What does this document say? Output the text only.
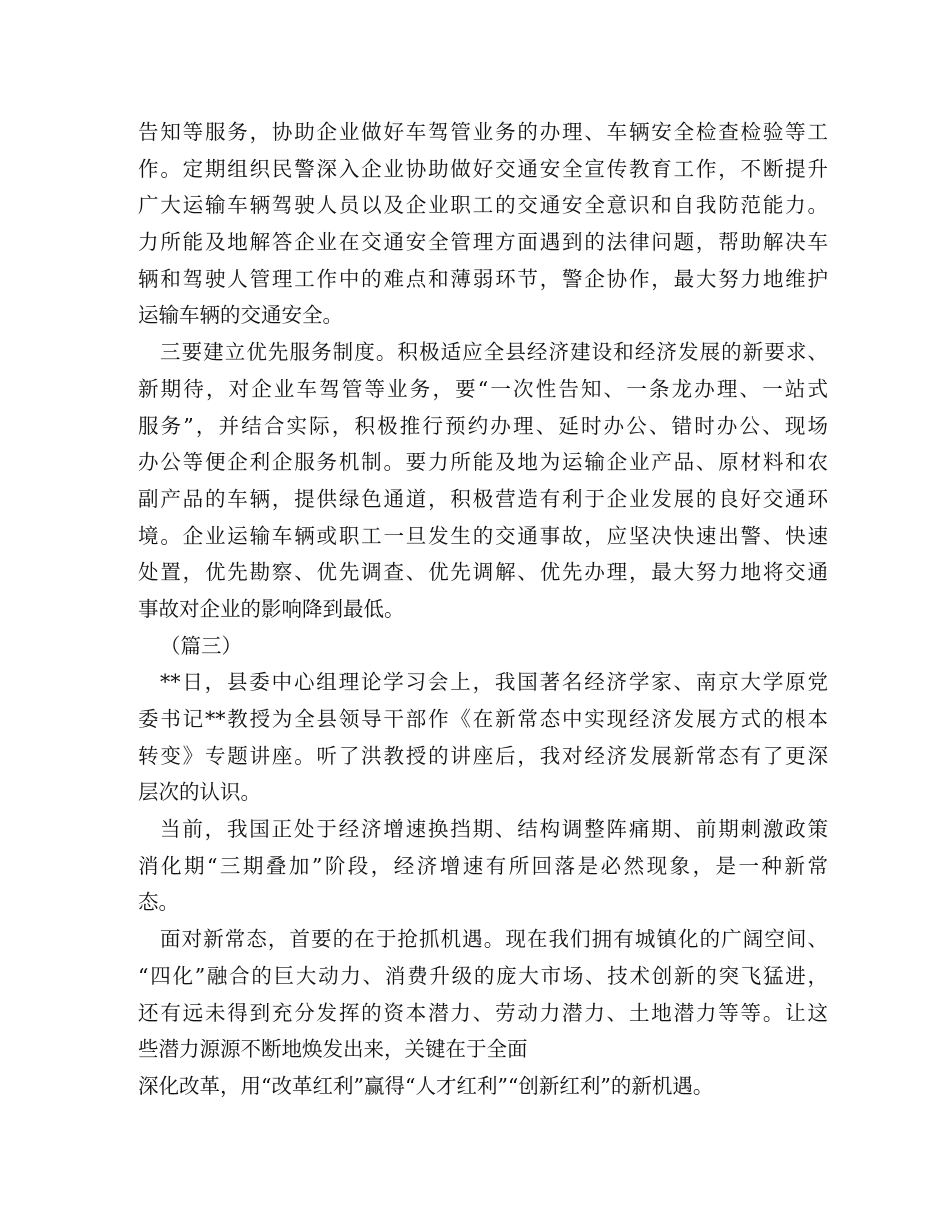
告知等服务，协助企业做好车驾管业务的办理、车辆安全检查检验等工
作。定期组织民警深入企业协助做好交通安全宣传教育工作，不断提升
广大运输车辆驾驶人员以及企业职工的交通安全意识和自我防范能力。
力所能及地解答企业在交通安全管理方面遇到的法律问题，帮助解决车
辆和驾驶人管理工作中的难点和薄弱环节，警企协作，最大努力地维护
运输车辆的交通安全。
三要建立优先服务制度。积极适应全县经济建设和经济发展的新要求、
新期待，对企业车驾管等业务，要“一次性告知、一条龙办理、一站式
服务”，并结合实际，积极推行预约办理、延时办公、错时办公、现场
办公等便企利企服务机制。要力所能及地为运输企业产品、原材料和农
副产品的车辆，提供绿色通道，积极营造有利于企业发展的良好交通环
境。企业运输车辆或职工一旦发生的交通事故，应坚决快速出警、快速
处置，优先勘察、优先调查、优先调解、优先办理，最大努力地将交通
事故对企业的影响降到最低。
（篇三）
**日，县委中心组理论学习会上，我国著名经济学家、南京大学原党
委书记**教授为全县领导干部作《在新常态中实现经济发展方式的根本
转变》专题讲座。听了洪教授的讲座后，我对经济发展新常态有了更深
层次的认识。
当前，我国正处于经济增速换挡期、结构调整阵痛期、前期刺激政策
消化期“三期叠加”阶段，经济增速有所回落是必然现象，是一种新常
态。
面对新常态，首要的在于抢抓机遇。现在我们拥有城镇化的广阔空间、
“四化”融合的巨大动力、消费升级的庞大市场、技术创新的突飞猛进，
还有远未得到充分发挥的资本潜力、劳动力潜力、土地潜力等等。让这
些潜力源源不断地焕发出来，关键在于全面
深化改革，用“改革红利”赢得“人才红利”“创新红利”的新机遇。
